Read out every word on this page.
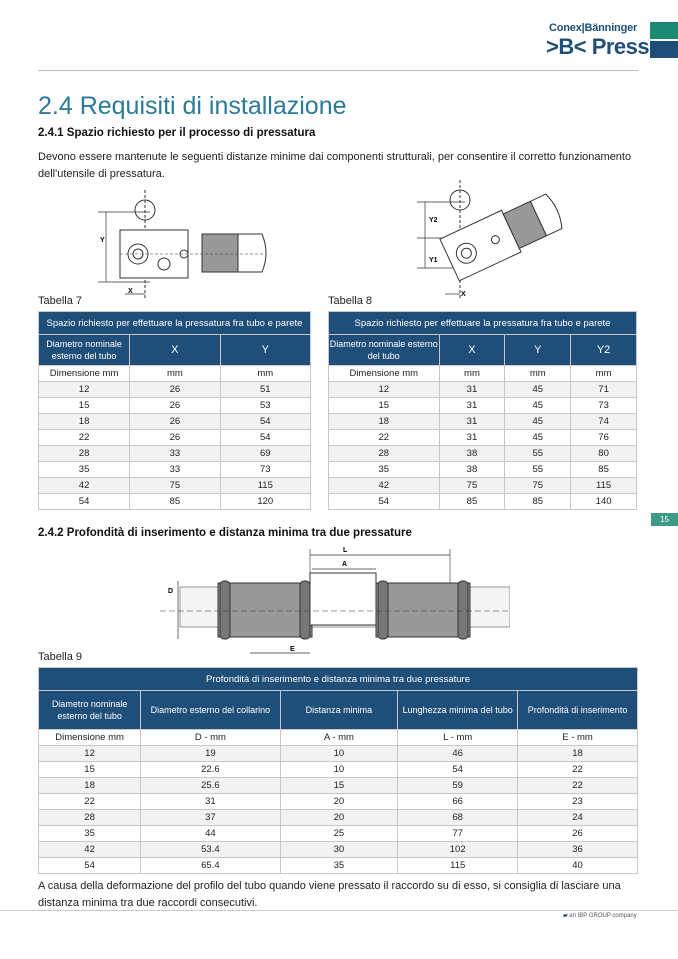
Conex|Bänninger
>B< Press
2.4 Requisiti di installazione
2.4.1 Spazio richiesto per il processo di pressatura
Devono essere mantenute le seguenti distanze minime dai componenti strutturali, per consentire il corretto funzionamento dell'utensile di pressatura.
Y
X
Y2
Y1
X
Tabella 7
Spazio richiesto per effettuare la pressatura fra tubo e parete		
Diametro nominale esterno del tubo	X	Y
Dimensione mm	mm	mm
12	26	51
15	26	53
18	26	54
22	26	54
28	33	69
35	33	73
42	75	115
54	85	120
Tabella 8
Spazio richiesto per effettuare la pressatura fra tubo e parete			
Diametro nominale esterno del tubo	X	Y	Y2
Dimensione mm	mm	mm	mm
12	31	45	71
15	31	45	73
18	31	45	74
22	31	45	76
28	38	55	80
35	38	55	85
42	75	75	115
54	85	85	140
15
2.4.2 Profondità di inserimento e distanza minima tra due pressature
L
A
D
E
Tabella 9
Profondità di inserimento e distanza minima tra due pressature				
Diametro nominale esterno del tubo	Diametro esterno del collarino	Distanza minima	Lunghezza minima del tubo	Profondità di inserimento
Dimensione mm	D - mm	A - mm	L - mm	E - mm
12	19	10	46	18
15	22.6	10	54	22
18	25.6	15	59	22
22	31	20	66	23
28	37	20	68	24
35	44	25	77	26
42	53.4	30	102	36
54	65.4	35	115	40
A causa della deformazione del profilo del tubo quando viene pressato il raccordo su di esso, si consiglia di lasciare una distanza minima tra due raccordi consecutivi.
▰ an IBP GROUP company
